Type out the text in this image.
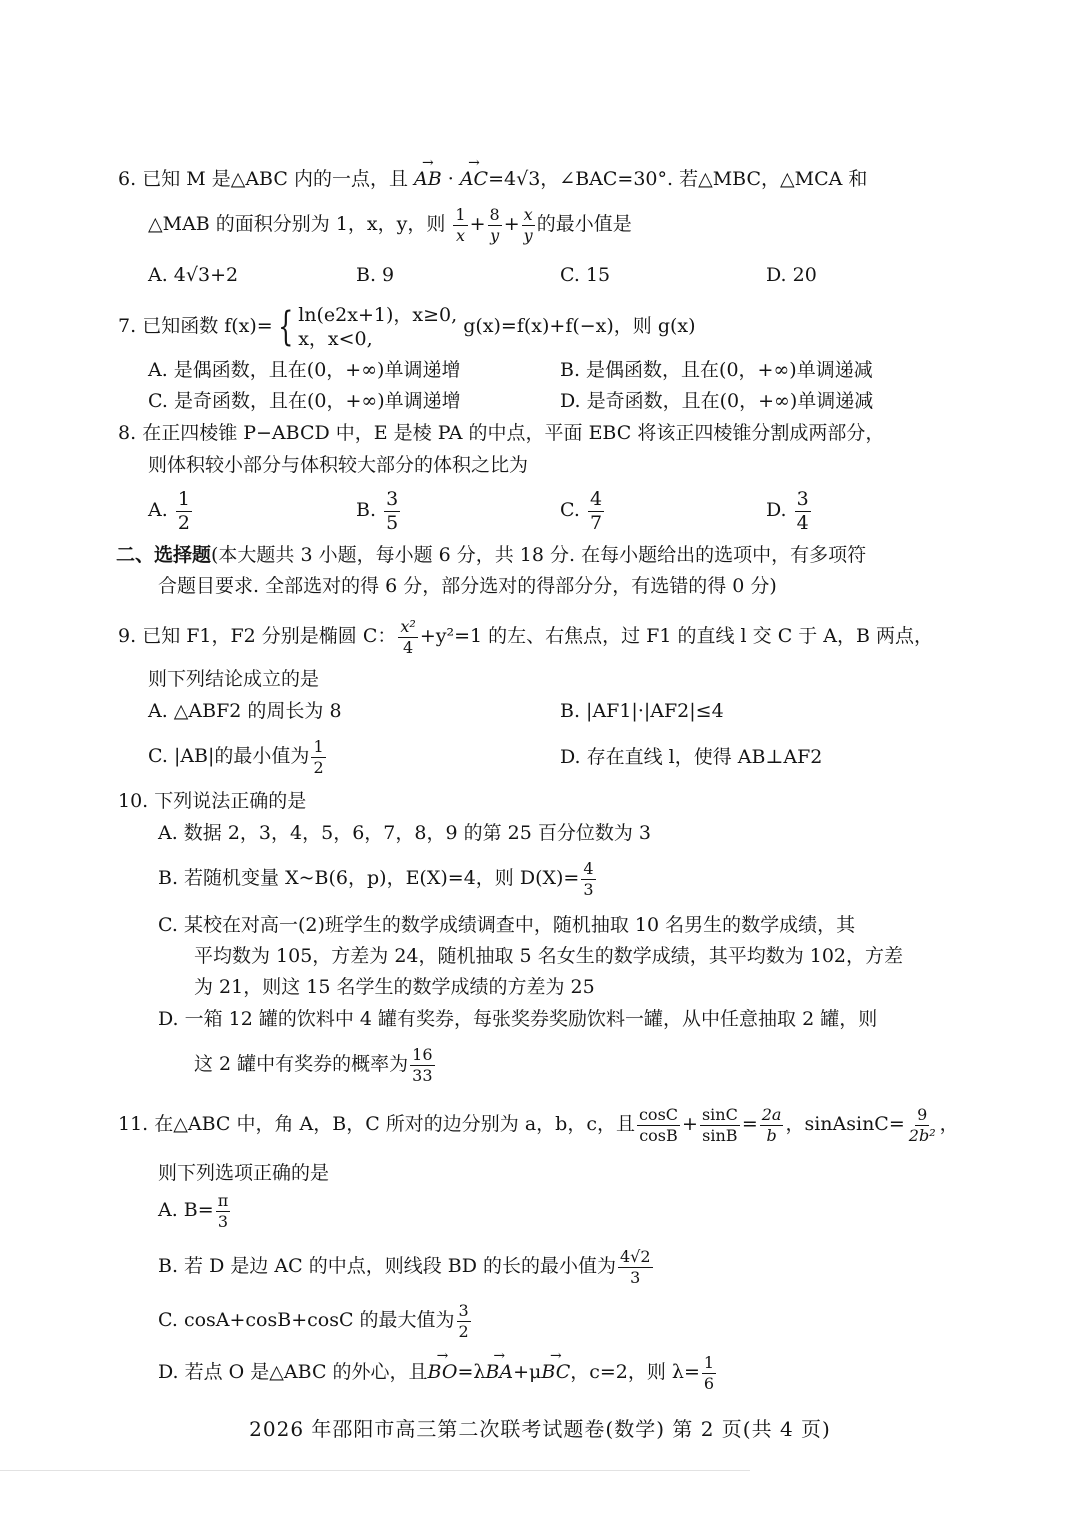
6. 已知 M 是△ABC 内的一点，且 → AB · → AC=4√3，∠BAC=30°. 若△MBC，△MCA 和
△MAB 的面积分别为 1，x，y，则 $\frac{1}{x} + \frac{8}{y} + \frac{x}{y}$ 的最小值是
A. 4√3+2	B. 9	C. 15	D. 20
7. 已知函数 f(x)= { ln(e2x+1)，x≥0,
x，x<0,
g(x)=f(x)+f(−x)，则 g(x)
A. 是偶函数，且在(0，+∞)单调递增	B. 是偶函数，且在(0，+∞)单调递减
C. 是奇函数，且在(0，+∞)单调递增	D. 是奇函数，且在(0，+∞)单调递减
8. 在正四棱锥 P−ABCD 中，E 是棱 PA 的中点，平面 EBC 将该正四棱锥分割成两部分，
则体积较小部分与体积较大部分的体积之比为
A. $\frac{1}{2}$	B. $\frac{3}{5}$	C. $\frac{4}{7}$	D. $\frac{3}{4}$
二、选择题(本大题共 3 小题，每小题 6 分，共 18 分. 在每小题给出的选项中，有多项符
合题目要求. 全部选对的得 6 分，部分选对的得部分分，有选错的得 0 分)
9. 已知 F1，F2 分别是椭圆 C： $\frac{\text{x²}}{4} +y^2=1$ 的左、右焦点，过 F1 的直线 l 交 C 于 A，B 两点，
则下列结论成立的是
A. △ABF2 的周长为 8	B. |AF1|·|AF2|≤4
C. |AB|的最小值为 $\frac{1}{2}$	D. 存在直线 l，使得 AB⊥AF2
10. 下列说法正确的是
A. 数据 2，3，4，5，6，7，8，9 的第 25 百分位数为 3
B. 若随机变量 X~B(6，p)，E(X)=4，则 $D(X)= \frac{4}{3}$
C. 某校在对高一(2)班学生的数学成绩调查中，随机抽取 10 名男生的数学成绩，其
平均数为 105，方差为 24，随机抽取 5 名女生的数学成绩，其平均数为 102，方差
为 21，则这 15 名学生的数学成绩的方差为 25
D. 一箱 12 罐的饮料中 4 罐有奖券，每张奖券奖励饮料一罐，从中任意抽取 2 罐，则
这 2 罐中有奖券的概率为 $\frac{16}{33}$
11. 在△ABC 中，角 A，B，C 所对的边分别为 a，b，c，且 $\frac{\cos C}{\cos B} + \frac{\sin C}{\sin B} = \frac{2a}{b}$ ，sinAsinC= $\frac{9}{\text{2b²}}$ ，
则下列选项正确的是
A. $B= \frac{\pi}{3}$
B. 若 D 是边 AC 的中点，则线段 BD 的长的最小值为 $\frac{4√2}{3}$
C. cosA+cosB+cosC 的最大值为 $\frac{3}{2}$
D. 若点 O 是△ABC 的外心，且→ BO=λ→ BA+μ→ BC，c=2，则 $\lambda= \frac{1}{6}$
2026 年邵阳市高三第二次联考试题卷(数学) 第 2 页(共 4 页)
